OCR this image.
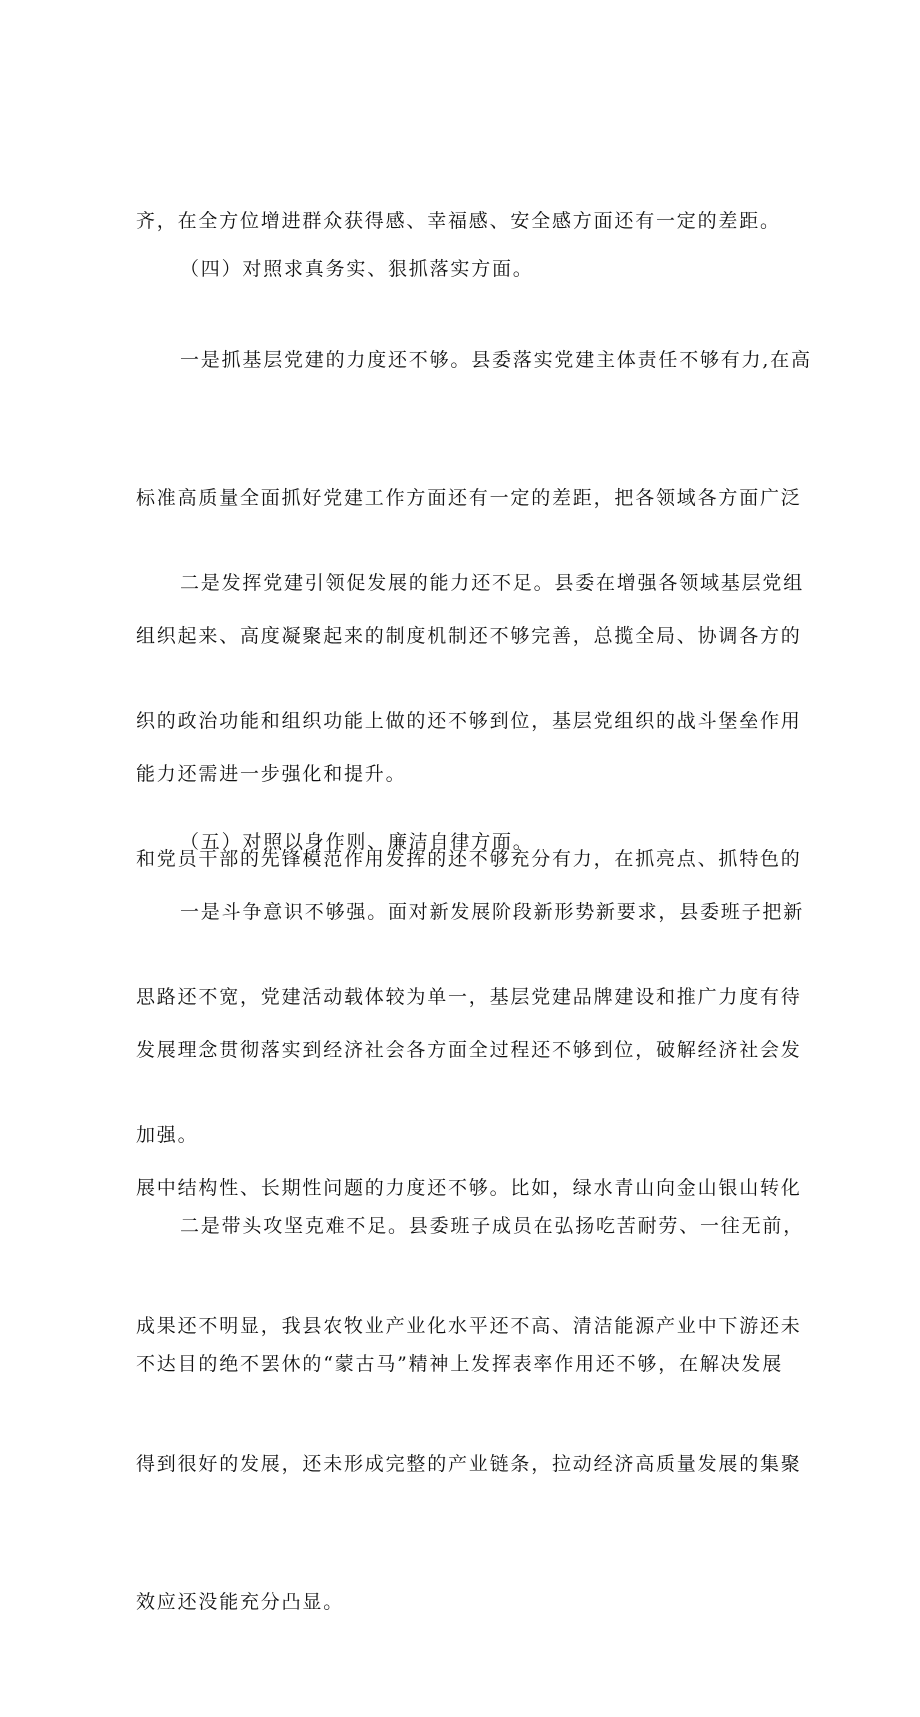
齐，在全方位增进群众获得感、幸福感、安全感方面还有一定的差距。

（四）对照求真务实、狠抓落实方面。

一是抓基层党建的力度还不够。县委落实党建主体责任不够有力,在高

标准高质量全面抓好党建工作方面还有一定的差距，把各领域各方面广泛

组织起来、高度凝聚起来的制度机制还不够完善，总揽全局、协调各方的

能力还需进一步强化和提升。

二是发挥党建引领促发展的能力还不足。县委在增强各领域基层党组

织的政治功能和组织功能上做的还不够到位，基层党组织的战斗堡垒作用

和党员干部的先锋模范作用发挥的还不够充分有力，在抓亮点、抓特色的

思路还不宽，党建活动载体较为单一，基层党建品牌建设和推广力度有待

加强。

（五）对照以身作则、廉洁自律方面。

一是斗争意识不够强。面对新发展阶段新形势新要求，县委班子把新

发展理念贯彻落实到经济社会各方面全过程还不够到位，破解经济社会发

展中结构性、长期性问题的力度还不够。比如，绿水青山向金山银山转化

成果还不明显，我县农牧业产业化水平还不高、清洁能源产业中下游还未

得到很好的发展，还未形成完整的产业链条，拉动经济高质量发展的集聚

效应还没能充分凸显。

二是带头攻坚克难不足。县委班子成员在弘扬吃苦耐劳、一往无前，

不达目的绝不罢休的“蒙古马”精神上发挥表率作用还不够，在解决发展
